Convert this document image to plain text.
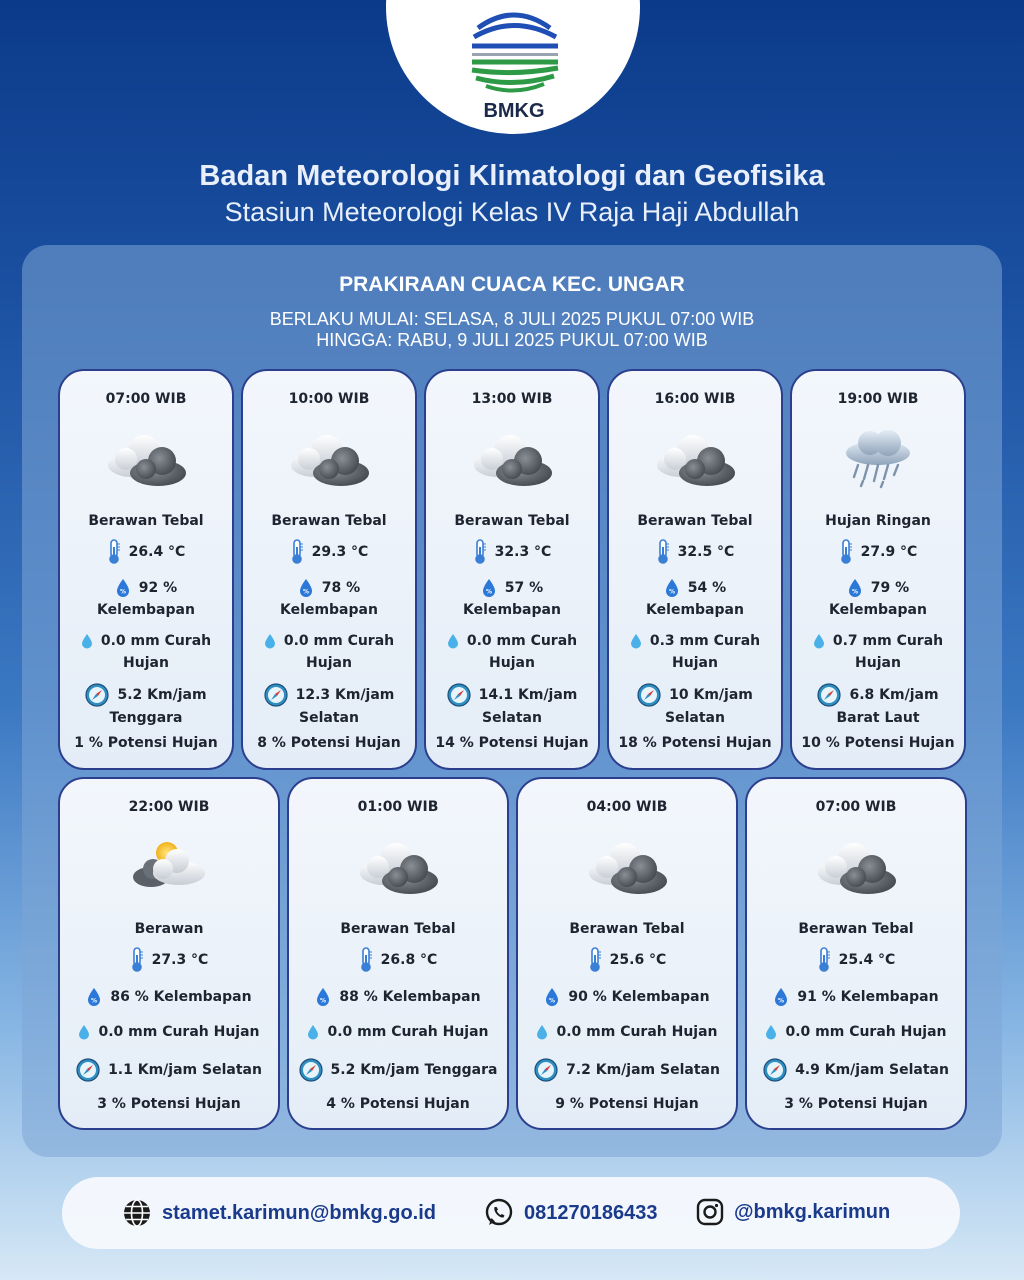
BMKG
Badan Meteorologi Klimatologi dan Geofisika
Stasiun Meteorologi Kelas IV Raja Haji Abdullah
PRAKIRAAN CUACA KEC. UNGAR
BERLAKU MULAI: SELASA, 8 JULI 2025 PUKUL 07:00 WIB
HINGGA: RABU, 9 JULI 2025 PUKUL 07:00 WIB
07:00 WIB
Berawan Tebal
26.4 °C
% 92 %
Kelembapan
0.0 mm Curah
Hujan
5.2 Km/jam
Tenggara
1 % Potensi Hujan
10:00 WIB
Berawan Tebal
29.3 °C
% 78 %
Kelembapan
0.0 mm Curah
Hujan
12.3 Km/jam
Selatan
8 % Potensi Hujan
13:00 WIB
Berawan Tebal
32.3 °C
% 57 %
Kelembapan
0.0 mm Curah
Hujan
14.1 Km/jam
Selatan
14 % Potensi Hujan
16:00 WIB
Berawan Tebal
32.5 °C
% 54 %
Kelembapan
0.3 mm Curah
Hujan
10 Km/jam
Selatan
18 % Potensi Hujan
19:00 WIB
Hujan Ringan
27.9 °C
% 79 %
Kelembapan
0.7 mm Curah
Hujan
6.8 Km/jam
Barat Laut
10 % Potensi Hujan
22:00 WIB
Berawan
27.3 °C
% 86 % Kelembapan
0.0 mm Curah Hujan
1.1 Km/jam Selatan
3 % Potensi Hujan
01:00 WIB
Berawan Tebal
26.8 °C
% 88 % Kelembapan
0.0 mm Curah Hujan
5.2 Km/jam Tenggara
4 % Potensi Hujan
04:00 WIB
Berawan Tebal
25.6 °C
% 90 % Kelembapan
0.0 mm Curah Hujan
7.2 Km/jam Selatan
9 % Potensi Hujan
07:00 WIB
Berawan Tebal
25.4 °C
% 91 % Kelembapan
0.0 mm Curah Hujan
4.9 Km/jam Selatan
3 % Potensi Hujan
stamet.karimun@bmkg.go.id	081270186433	@bmkg.karimun
